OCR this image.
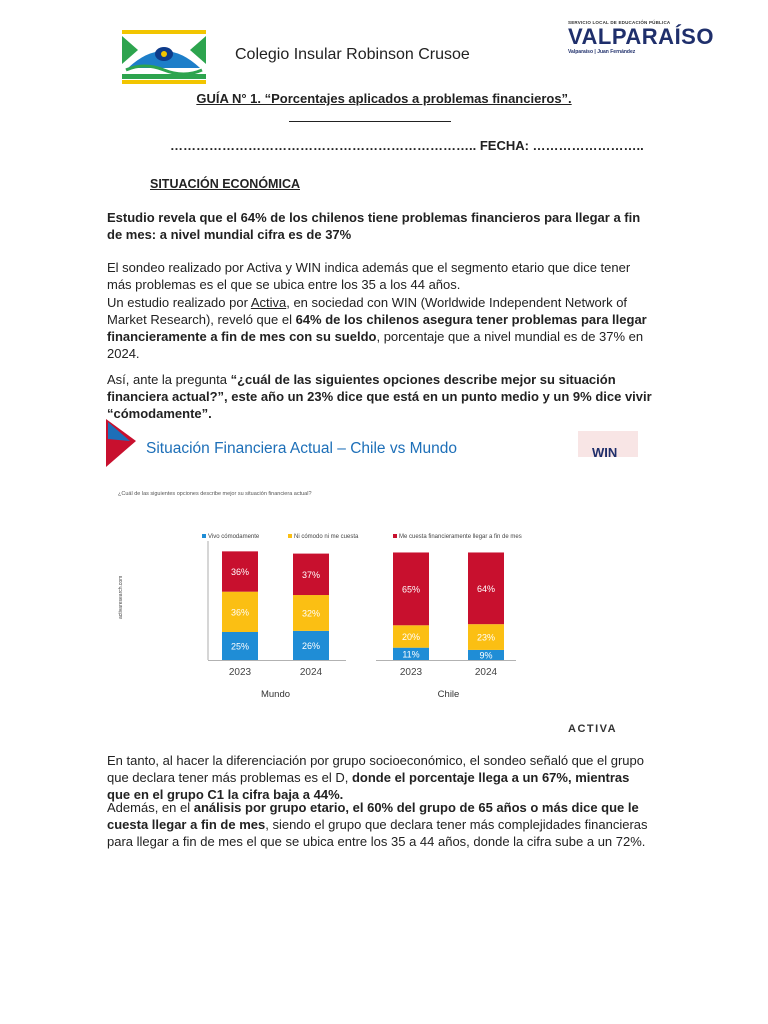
Colegio Insular Robinson Crusoe
SERVICIO LOCAL DE EDUCACIÓN PÚBLICA
VALPARAÍSO
Valparaíso | Juan Fernández
GUÍA N° 1. “Porcentajes aplicados a problemas financieros”.
…………………………………………………………….. FECHA: ……………………..
SITUACIÓN ECONÓMICA
Estudio revela que el 64% de los chilenos tiene problemas financieros para llegar a fin de mes: a nivel mundial cifra es de 37%
El sondeo realizado por Activa y WIN indica además que el segmento etario que dice tener más problemas es el que se ubica entre los 35 a los 44 años.
Un estudio realizado por Activa, en sociedad con WIN (Worldwide Independent Network of Market Research), reveló que el 64% de los chilenos asegura tener problemas para llegar financieramente a fin de mes con su sueldo, porcentaje que a nivel mundial es de 37% en 2024.
Así, ante la pregunta “¿cuál de las siguientes opciones describe mejor su situación financiera actual?”, este año un 23% dice que está en un punto medio y un 9% dice vivir “cómodamente”.
Situación Financiera Actual – Chile vs Mundo	WIN
¿Cuál de las siguientes opciones describe mejor su situación financiera actual?
activaresearch.com
Vivo cómodamente	Ni cómodo ni me cuesta	Me cuesta financieramente llegar a fin de mes
25%
36%
36%
2023
26%
32%
37%
2024
11%
20%
65%
2023
9%
23%
64%
2024
Mundo	Chile
ACTIVA
En tanto, al hacer la diferenciación por grupo socioeconómico, el sondeo señaló que el grupo que declara tener más problemas es el D, donde el porcentaje llega a un 67%, mientras que en el grupo C1 la cifra baja a 44%.
Además, en el análisis por grupo etario, el 60% del grupo de 65 años o más dice que le cuesta llegar a fin de mes, siendo el grupo que declara tener más complejidades financieras para llegar a fin de mes el que se ubica entre los 35 a 44 años, donde la cifra sube a un 72%.
